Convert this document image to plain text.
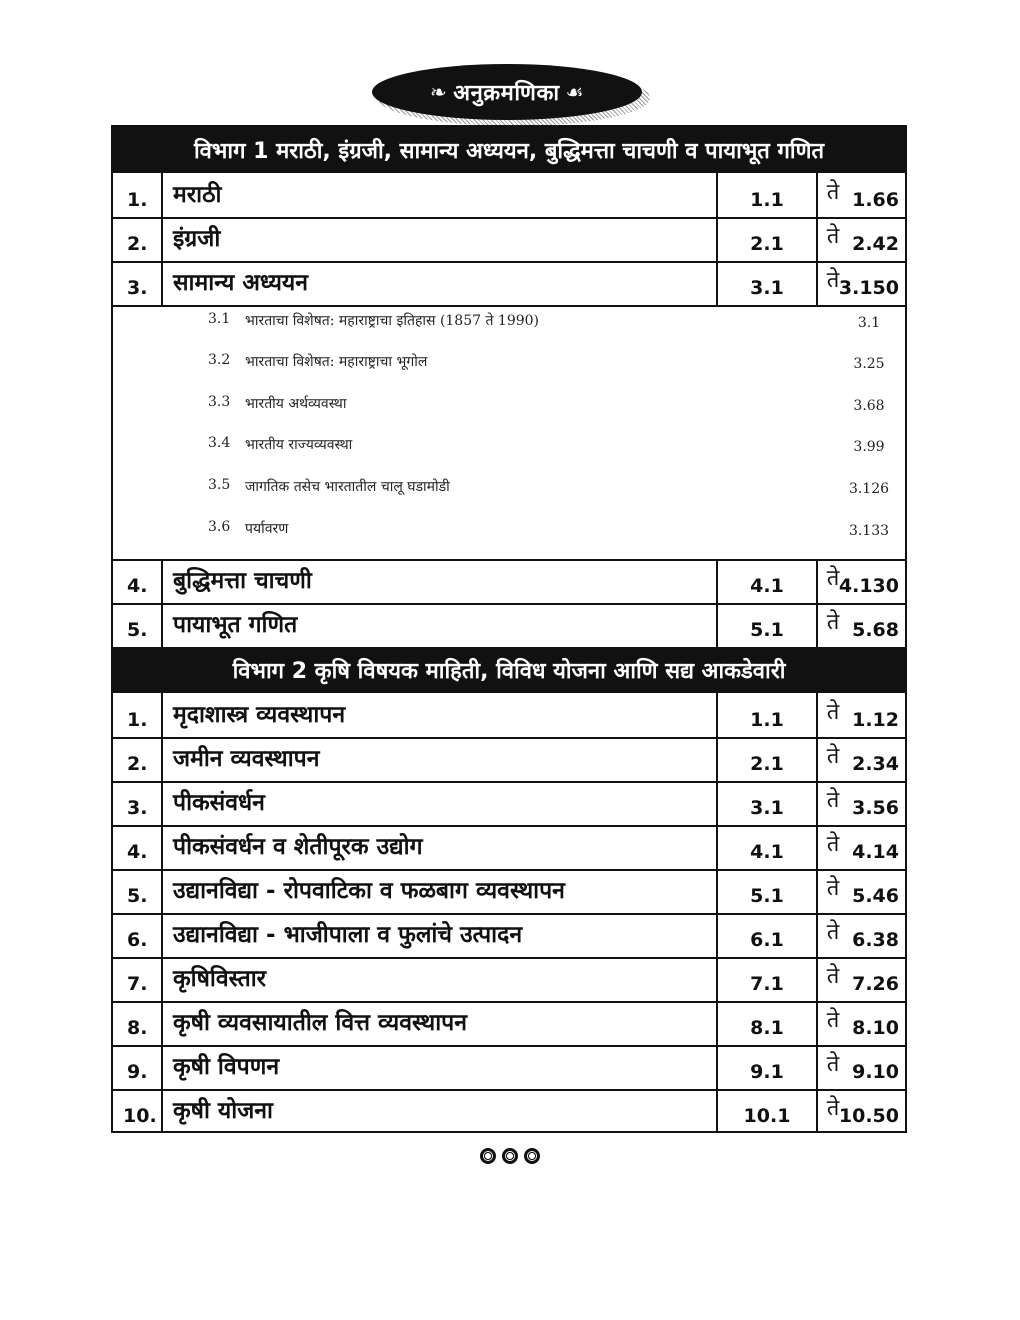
❧ अनुक्रमणिका ☙
विभाग 1 मराठी, इंग्रजी, सामान्य अध्ययन, बुद्धिमत्ता चाचणी व पायाभूत गणित
1.	मराठी	1.1	ते 1.66
2.	इंग्रजी	2.1	ते 2.42
3.	सामान्य अध्ययन	3.1	ते 3.150
3.1 भारताचा विशेषत: महाराष्ट्राचा इतिहास (1857 ते 1990)	3.1
3.2 भारताचा विशेषत: महाराष्ट्राचा भूगोल	3.25
3.3 भारतीय अर्थव्यवस्था	3.68
3.4 भारतीय राज्यव्यवस्था	3.99
3.5 जागतिक तसेच भारतातील चालू घडामोडी	3.126
3.6 पर्यावरण	3.133
4.	बुद्धिमत्ता चाचणी	4.1	ते 4.130
5.	पायाभूत गणित	5.1	ते 5.68
विभाग 2 कृषि विषयक माहिती, विविध योजना आणि सद्य आकडेवारी
1.	मृदाशास्त्र व्यवस्थापन	1.1	ते 1.12
2.	जमीन व्यवस्थापन	2.1	ते 2.34
3.	पीकसंवर्धन	3.1	ते 3.56
4.	पीकसंवर्धन व शेतीपूरक उद्योग	4.1	ते 4.14
5.	उद्यानविद्या - रोपवाटिका व फळबाग व्यवस्थापन	5.1	ते 5.46
6.	उद्यानविद्या - भाजीपाला व फुलांचे उत्पादन	6.1	ते 6.38
7.	कृषिविस्तार	7.1	ते 7.26
8.	कृषी व्यवसायातील वित्त व्यवस्थापन	8.1	ते 8.10
9.	कृषी विपणन	9.1	ते 9.10
10. कृषी योजना	10.1	ते 10.50
